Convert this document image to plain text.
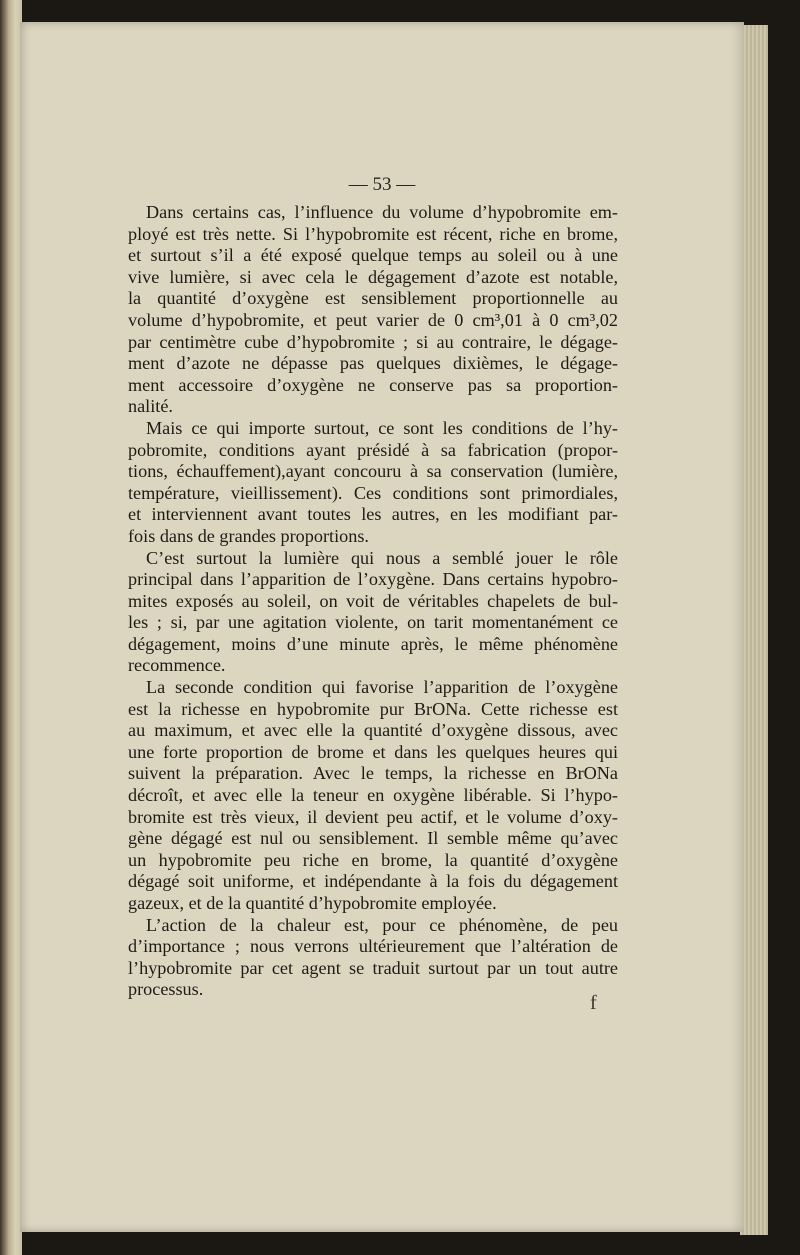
— 53 —

Dans certains cas, l’influence du volume d’hypobromite em-
ployé est très nette. Si l’hypobromite est récent, riche en brome,
et surtout s’il a été exposé quelque temps au soleil ou à une
vive lumière, si avec cela le dégagement d’azote est notable,
la quantité d’oxygène est sensiblement proportionnelle au
volume d’hypobromite, et peut varier de 0 cm³,01 à 0 cm³,02
par centimètre cube d’hypobromite ; si au contraire, le dégage-
ment d’azote ne dépasse pas quelques dixièmes, le dégage-
ment accessoire d’oxygène ne conserve pas sa proportion-
nalité.

Mais ce qui importe surtout, ce sont les conditions de l’hy-
pobromite, conditions ayant présidé à sa fabrication (propor-
tions, échauffement),ayant concouru à sa conservation (lumière,
température, vieillissement). Ces conditions sont primordiales,
et interviennent avant toutes les autres, en les modifiant par-
fois dans de grandes proportions.

C’est surtout la lumière qui nous a semblé jouer le rôle
principal dans l’apparition de l’oxygène. Dans certains hypobro-
mites exposés au soleil, on voit de véritables chapelets de bul-
les ; si, par une agitation violente, on tarit momentanément ce
dégagement, moins d’une minute après, le même phénomène
recommence.

La seconde condition qui favorise l’apparition de l’oxygène
est la richesse en hypobromite pur BrONa. Cette richesse est
au maximum, et avec elle la quantité d’oxygène dissous, avec
une forte proportion de brome et dans les quelques heures qui
suivent la préparation. Avec le temps, la richesse en BrONa
décroît, et avec elle la teneur en oxygène libérable. Si l’hypo-
bromite est très vieux, il devient peu actif, et le volume d’oxy-
gène dégagé est nul ou sensiblement. Il semble même qu’avec
un hypobromite peu riche en brome, la quantité d’oxygène
dégagé soit uniforme, et indépendante à la fois du dégagement
gazeux, et de la quantité d’hypobromite employée.

L’action de la chaleur est, pour ce phénomène, de peu
d’importance ; nous verrons ultérieurement que l’altération de
l’hypobromite par cet agent se traduit surtout par un tout autre
processus.

f
